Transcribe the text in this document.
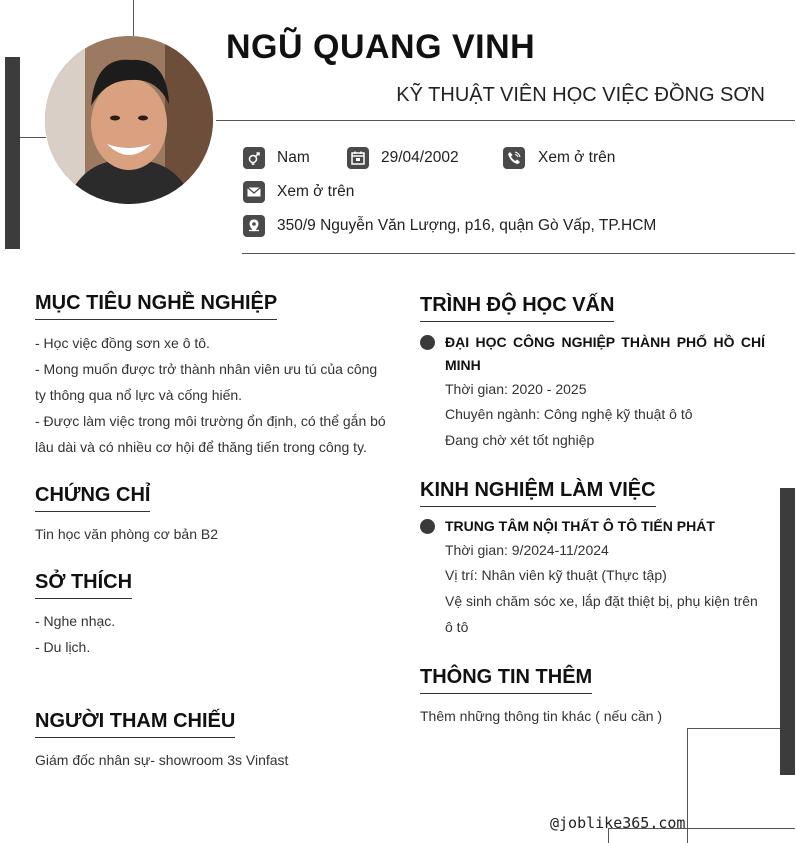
NGŨ QUANG VINH
KỸ THUẬT VIÊN HỌC VIỆC ĐỒNG SƠN
Nam	29/04/2002	Xem ở trên
Xem ở trên
350/9 Nguyễn Văn Lượng, p16, quận Gò Vấp, TP.HCM
MỤC TIÊU NGHỀ NGHIỆP
- Học việc đồng sơn xe ô tô.
- Mong muốn được trở thành nhân viên ưu tú của công
ty thông qua nổ lực và cống hiến.
- Được làm việc trong môi trường ổn định, có thể gắn bó
lâu dài và có nhiều cơ hội để thăng tiến trong công ty.
CHỨNG CHỈ
Tin học văn phòng cơ bản B2
SỞ THÍCH
- Nghe nhạc.
- Du lịch.
NGƯỜI THAM CHIẾU
Giám đốc nhân sự- showroom 3s Vinfast
TRÌNH ĐỘ HỌC VẤN
ĐẠI HỌC CÔNG NGHIỆP THÀNH PHỐ HỒ CHÍ MINH
Thời gian: 2020 - 2025
Chuyên ngành: Công nghệ kỹ thuật ô tô
Đang chờ xét tốt nghiệp
KINH NGHIỆM LÀM VIỆC
TRUNG TÂM NỘI THẤT Ô TÔ TIẾN PHÁT
Thời gian: 9/2024-11/2024
Vị trí: Nhân viên kỹ thuật (Thực tập)
Vệ sinh chăm sóc xe, lắp đặt thiệt bị, phụ kiện trên
ô tô
THÔNG TIN THÊM
Thêm những thông tin khác ( nếu cần )
@joblike365.com
